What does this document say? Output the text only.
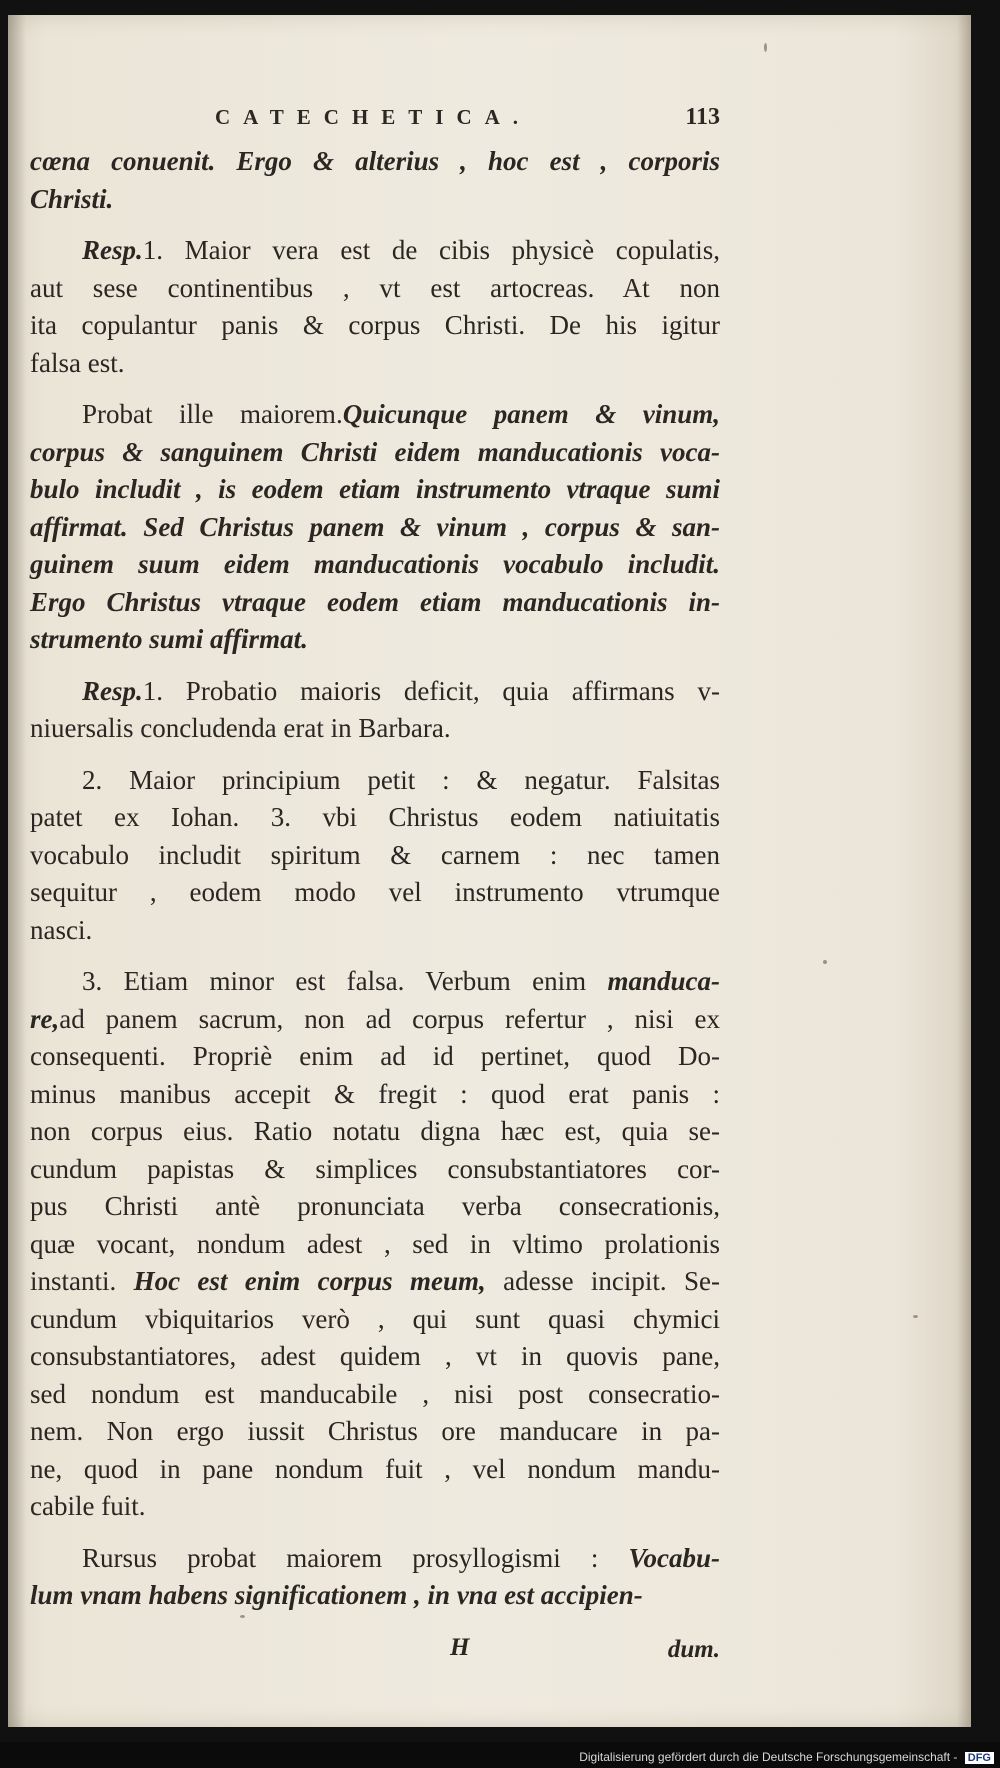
CATECHETICA.	113
cœna conuenit. Ergo & alterius , hoc est , corporis
Christi.
Resp.1. Maior vera est de cibis physicè copulatis,
aut sese continentibus , vt est artocreas. At non
ita copulantur panis & corpus Christi. De his igitur
falsa est.
Probat ille maiorem.Quicunque panem & vinum,
corpus & sanguinem Christi eidem manducationis voca-
bulo includit , is eodem etiam instrumento vtraque sumi
affirmat. Sed Christus panem & vinum , corpus & san-
guinem suum eidem manducationis vocabulo includit.
Ergo Christus vtraque eodem etiam manducationis in-
strumento sumi affirmat.
Resp.1. Probatio maioris deficit, quia affirmans v-
niuersalis concludenda erat in Barbara.
2. Maior principium petit : & negatur. Falsitas
patet ex Iohan. 3. vbi Christus eodem natiuitatis
vocabulo includit spiritum & carnem : nec tamen
sequitur , eodem modo vel instrumento vtrumque
nasci.
3. Etiam minor est falsa. Verbum enim manduca-
re,ad panem sacrum, non ad corpus refertur , nisi ex
consequenti. Propriè enim ad id pertinet, quod Do-
minus manibus accepit & fregit : quod erat panis :
non corpus eius. Ratio notatu digna hæc est, quia se-
cundum papistas & simplices consubstantiatores cor-
pus Christi antè pronunciata verba consecrationis,
quæ vocant, nondum adest , sed in vltimo prolationis
instanti. Hoc est enim corpus meum, adesse incipit. Se-
cundum vbiquitarios verò , qui sunt quasi chymici
consubstantiatores, adest quidem , vt in quovis pane,
sed nondum est manducabile , nisi post consecratio-
nem. Non ergo iussit Christus ore manducare in pa-
ne, quod in pane nondum fuit , vel nondum mandu-
cabile fuit.
Rursus probat maiorem prosyllogismi : Vocabu-
lum vnam habens significationem , in vna est accipien-
H	dum.
Digitalisierung gefördert durch die Deutsche Forschungsgemeinschaft - DFG
